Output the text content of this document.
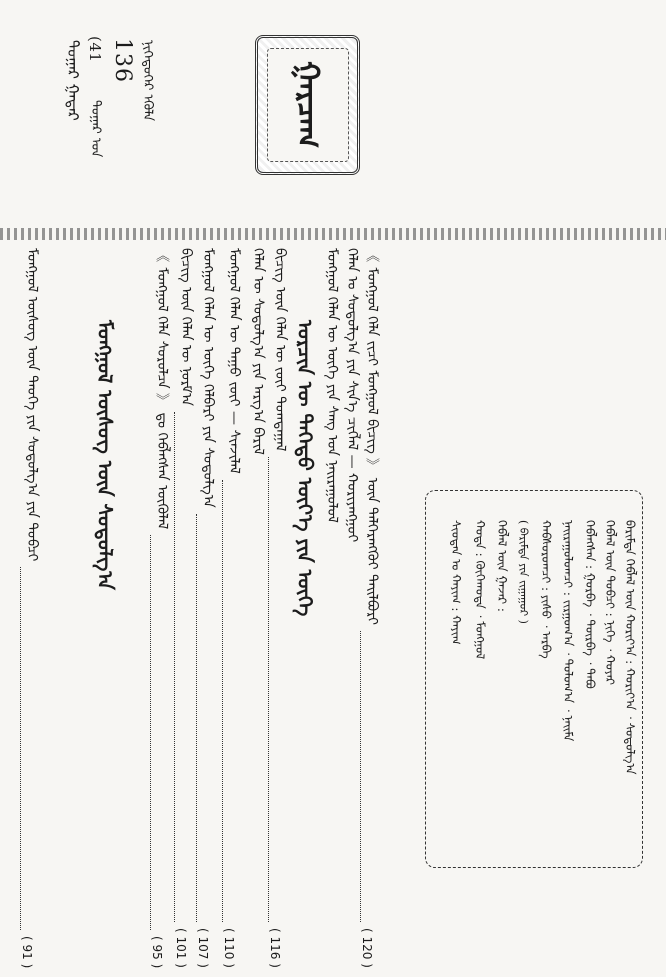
ᠳᠤᠭᠠᠷ ᠭᠠᠳᠠᠷ (41
ᠳᠤᠭᠠᠷ ᠤᠨ
136 ᠨᠢᠭᠡᠳᠦᠭᠡᠷ ᠡᠭᠦᠯᠡ	ᠭᠠᠷᠴᠠᠭ
《 ᠮᠣᠩᠭᠣᠯ ᠬᠡᠯᠡ ᠵᠢᠴᠢ ᠮᠣᠩᠭᠣᠯ ᠪᠢᠴᠢᠭ 》 ᠦᠨ ᠳᠡᠯᠭᠡᠷᠡᠩᠭᠦᠢ ᠲᠠᠢᠯᠪᠤᠷᠢ
( 120 )
ᠬᠡᠯᠡᠨ ᠤ ᠰᠤᠳᠤᠯᠭ᠎ᠠ ᠶᠢᠨ ᠰᠢᠨ᠎ᠡ ᠴᠢᠭᠯᠡᠯ — ᠬᠤᠷᠢᠶᠠᠩᠭᠤᠢ
ᠮᠣᠩᠭᠣᠯ ᠬᠡᠯᠡᠨ ᠦ ᠦᠭᠡ ᠶᠢᠨ ᠰᠠᠩ ᠤᠨ ᠨᠠᠢᠷᠠᠭᠤᠯᠤᠯ
ᠣᠷᠴᠢᠨ ᠦ ᠳᠡᠭᠡᠳᠦ ᠦᠶ᠎ᠡ ᠶᠢᠨ ᠦᠭᠡ
ᠪᠢᠴᠢᠭ ᠦᠨ ᠬᠡᠯᠡᠨ ᠦ ᠵᠦᠢ ᠲᠣᠭᠲᠠᠭᠠᠯ
( 116 )
ᠬᠡᠯᠡᠨ ᠦ ᠰᠤᠳᠤᠯᠭ᠎ᠠ ᠶᠢᠨ ᠠᠷᠭ᠎ᠠ ᠪᠠᠷᠢᠯ
ᠮᠣᠩᠭᠣᠯ ᠬᠡᠯᠡᠨ ᠦ ᠳᠠᠭᠤ ᠵᠦᠢ — ᠰᠢᠨᠵᠢᠯᠡᠯ
( 110 )
ᠮᠣᠩᠭᠣᠯ ᠬᠡᠯᠡᠨ ᠦ ᠦᠭᠡ ᠬᠡᠯᠪᠡᠷᠢ ᠶᠢᠨ ᠰᠤᠳᠤᠯᠭ᠎ᠠ
( 107 )
ᠪᠢᠴᠢᠭ ᠦᠨ ᠬᠡᠯᠡᠨ ᠦ ᠨᠣᠷᠮ᠎ᠠ
( 101 )
《 ᠮᠣᠩᠭᠣᠯ ᠬᠡᠯᠡ ᠰᠤᠷᠤᠯᠴᠠ 》 ᠳᠤ ᠬᠡᠪᠯᠡᠭᠰᠡᠨ ᠥᠭᠦᠯᠡᠯ
( 95 )
ᠮᠣᠩᠭᠣᠯ ᠦᠰᠦᠭ ᠦᠨ ᠰᠤᠳᠤᠯᠭ᠎ᠠ
ᠮᠣᠩᠭᠣᠯ ᠦᠰᠦᠭ ᠦᠨ ᠲᠡᠦᠬᠡ ᠶᠢᠨ ᠰᠤᠳᠤᠯᠭ᠎ᠠ ᠶᠢᠨ ᠲᠣᠪᠴᠢ
( 91 )
ᠪᠠᠷᠢᠮᠲᠠ ᠬᠡᠪᠯᠡᠯ ᠦᠨ ᠬᠣᠷᠢᠶ᠎ᠠ : ᠬᠣᠷᠢᠶ᠎ᠠ ᠂ ᠰᠤᠳᠤᠯᠭ᠎ᠠ
ᠬᠡᠪᠯᠡᠯ ᠦᠨ ᠲᠣᠪᠴᠢ : ᠨᠢᠭᠡ ᠂ ᠬᠣᠶᠠᠷ
ᠬᠡᠪᠯᠡᠭᠰᠡᠨ : ᠭᠣᠷᠪᠠ ᠂ ᠳᠥᠷᠪᠡ ᠂ ᠲᠠᠪᠤ
ᠨᠠᠢᠷᠠᠭᠤᠯᠤᠭᠴᠢ : ᠵᠢᠷᠭᠤᠭ᠎ᠠ ᠂ ᠳᠣᠯᠣᠭ᠎ᠠ ᠂ ᠨᠠᠢᠮᠠ
ᠬᠠᠪᠰᠤᠷᠤᠭᠴᠢ : ᠶᠢᠰᠦ ᠂ ᠠᠷᠪᠠ
( ᠪᠠᠷᠢᠮᠲᠠ ᠶᠢᠨ ᠵᠢᠭᠠᠭᠤᠷ )
ᠬᠡᠪᠯᠡᠯ ᠦᠨ ᠭᠠᠵᠠᠷ :
ᠬᠣᠲᠠ : ᠬᠥᠬᠡᠬᠣᠲᠠ ᠂ ᠮᠣᠩᠭᠣᠯ
ᠰᠢᠤᠳᠠᠨ ᠤ ᠬᠠᠶᠢᠭ : ᠬᠠᠶᠢᠭ
